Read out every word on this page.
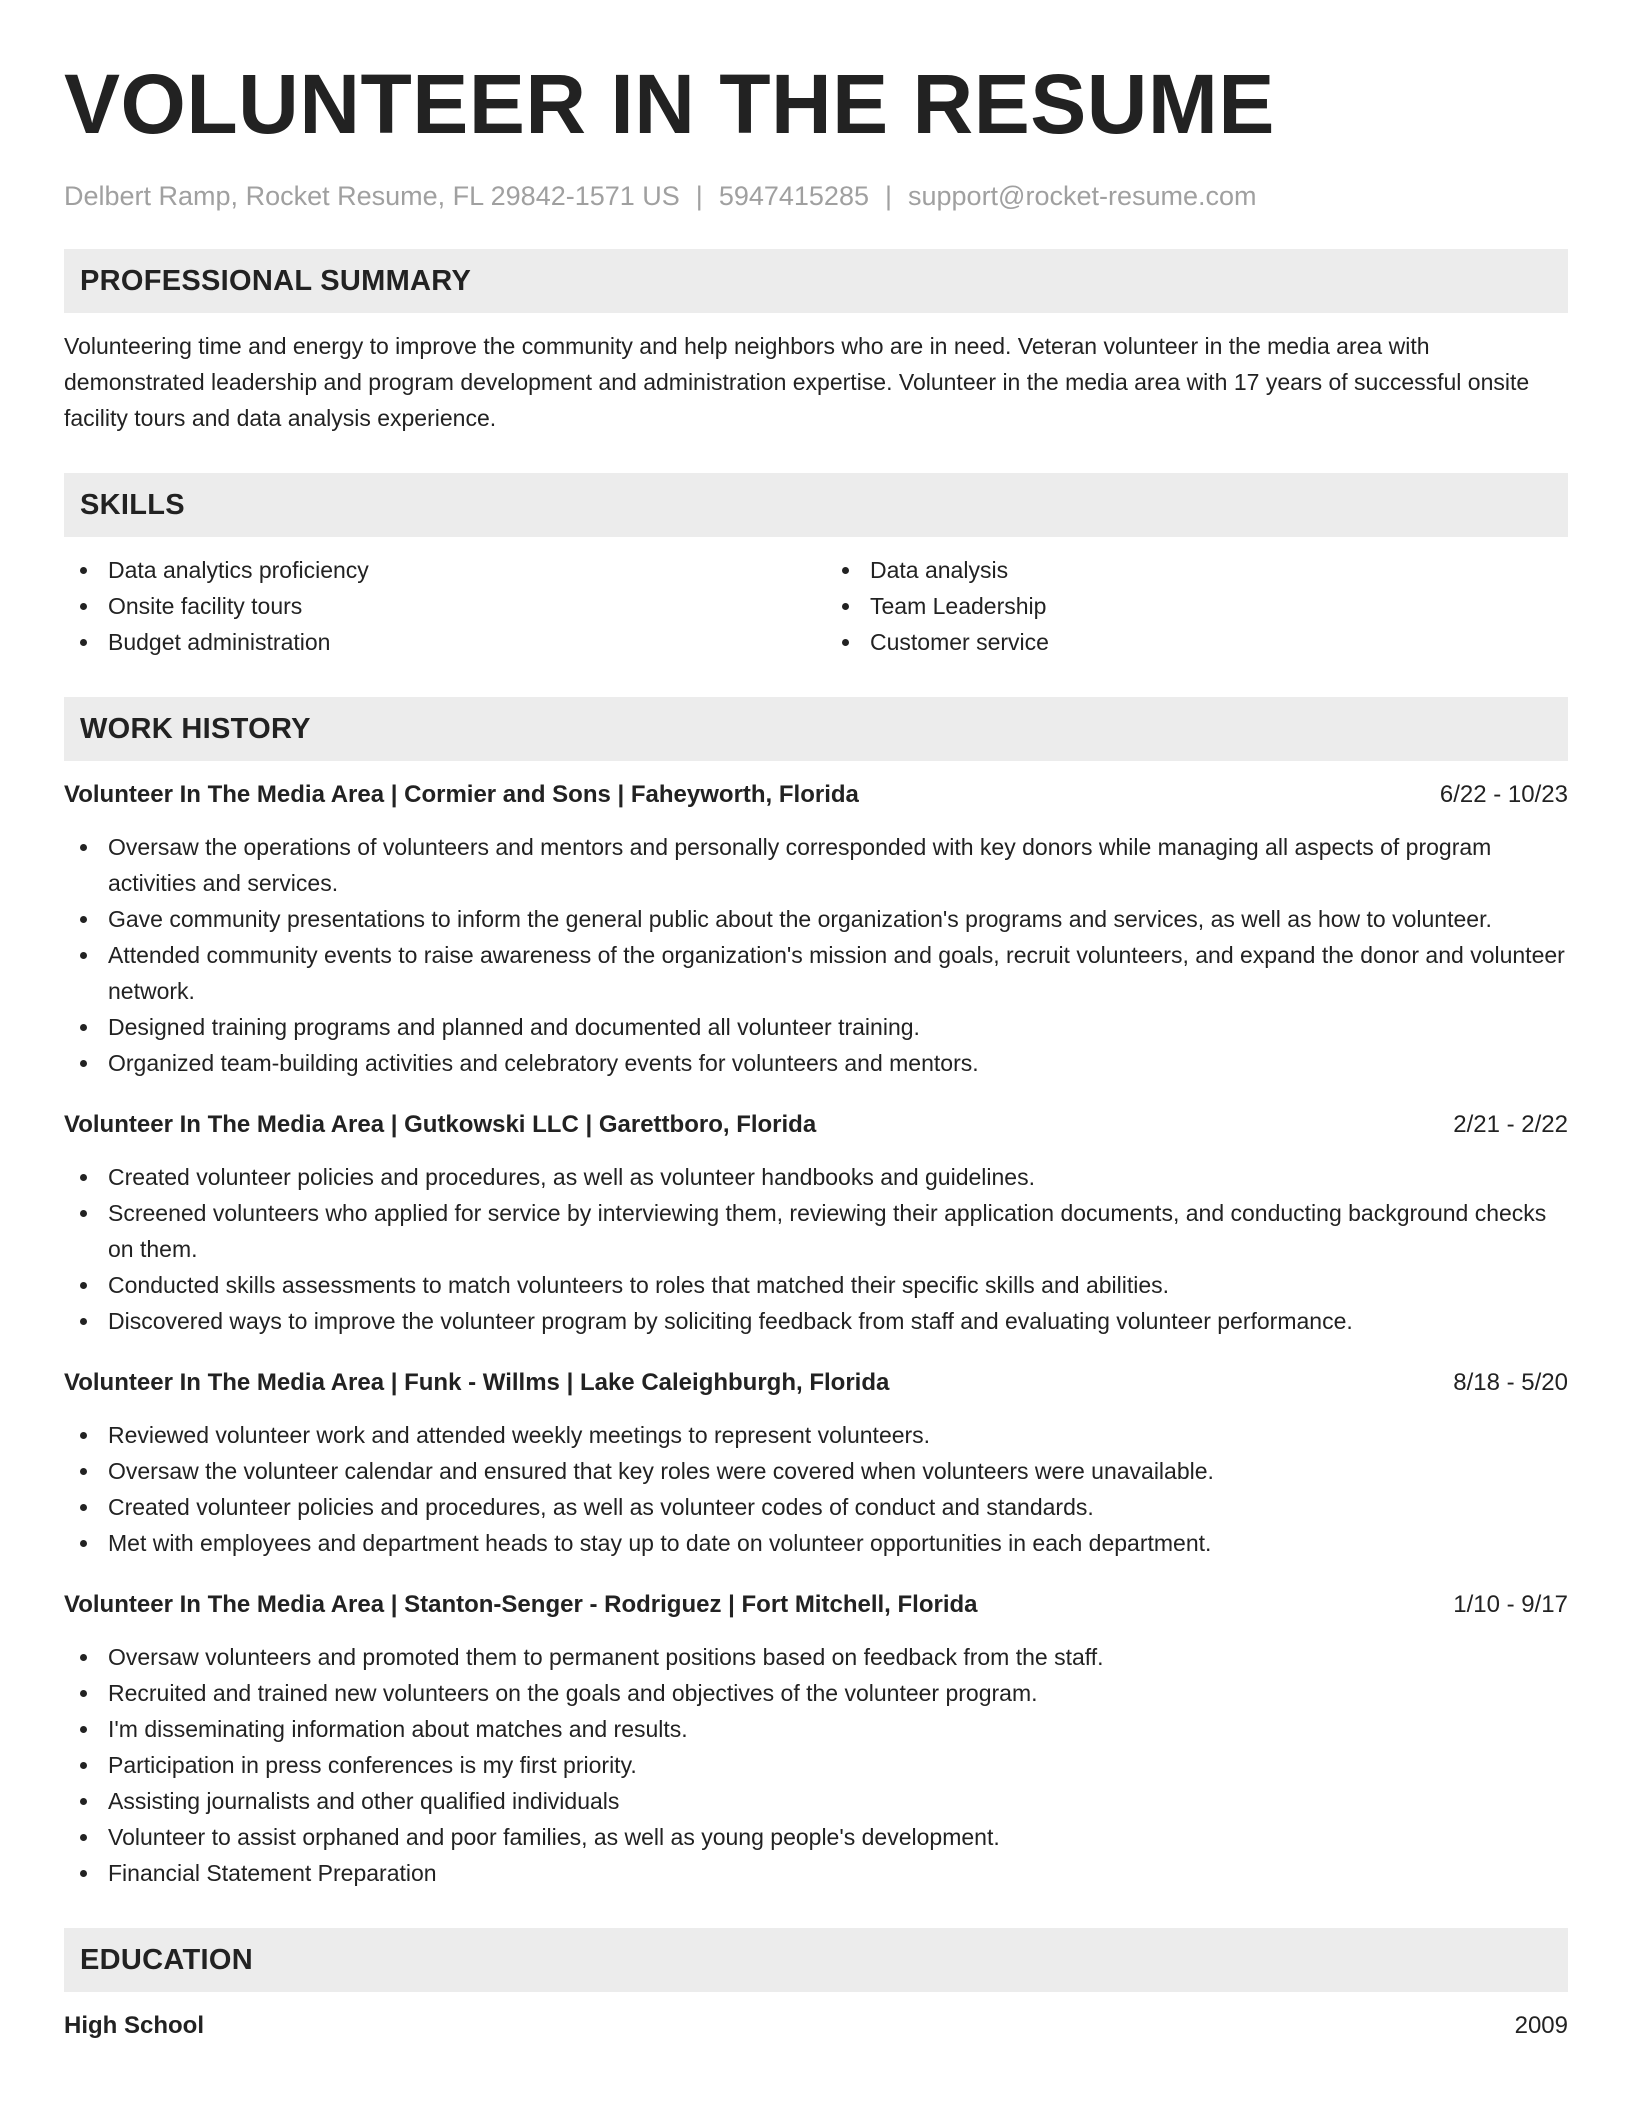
VOLUNTEER IN THE RESUME
Delbert Ramp, Rocket Resume, FL 29842-1571 US | 5947415285 | support@rocket-resume.com
PROFESSIONAL SUMMARY

Volunteering time and energy to improve the community and help neighbors who are in need. Veteran volunteer in the media area with demonstrated leadership and program development and administration expertise. Volunteer in the media area with 17 years of successful onsite facility tours and data analysis experience.

SKILLS
Data analytics proficiency
Onsite facility tours
Budget administration
Data analysis
Team Leadership
Customer service
WORK HISTORY
Volunteer In The Media Area | Cormier and Sons | Faheyworth, Florida	6/22 - 10/23
Oversaw the operations of volunteers and mentors and personally corresponded with key donors while managing all aspects of program activities and services.
Gave community presentations to inform the general public about the organization's programs and services, as well as how to volunteer.
Attended community events to raise awareness of the organization's mission and goals, recruit volunteers, and expand the donor and volunteer network.
Designed training programs and planned and documented all volunteer training.
Organized team-building activities and celebratory events for volunteers and mentors.
Volunteer In The Media Area | Gutkowski LLC | Garettboro, Florida	2/21 - 2/22
Created volunteer policies and procedures, as well as volunteer handbooks and guidelines.
Screened volunteers who applied for service by interviewing them, reviewing their application documents, and conducting background checks on them.
Conducted skills assessments to match volunteers to roles that matched their specific skills and abilities.
Discovered ways to improve the volunteer program by soliciting feedback from staff and evaluating volunteer performance.
Volunteer In The Media Area | Funk - Willms | Lake Caleighburgh, Florida	8/18 - 5/20
Reviewed volunteer work and attended weekly meetings to represent volunteers.
Oversaw the volunteer calendar and ensured that key roles were covered when volunteers were unavailable.
Created volunteer policies and procedures, as well as volunteer codes of conduct and standards.
Met with employees and department heads to stay up to date on volunteer opportunities in each department.
Volunteer In The Media Area | Stanton-Senger - Rodriguez | Fort Mitchell, Florida	1/10 - 9/17
Oversaw volunteers and promoted them to permanent positions based on feedback from the staff.
Recruited and trained new volunteers on the goals and objectives of the volunteer program.
I'm disseminating information about matches and results.
Participation in press conferences is my first priority.
Assisting journalists and other qualified individuals
Volunteer to assist orphaned and poor families, as well as young people's development.
Financial Statement Preparation
EDUCATION
High School	2009
